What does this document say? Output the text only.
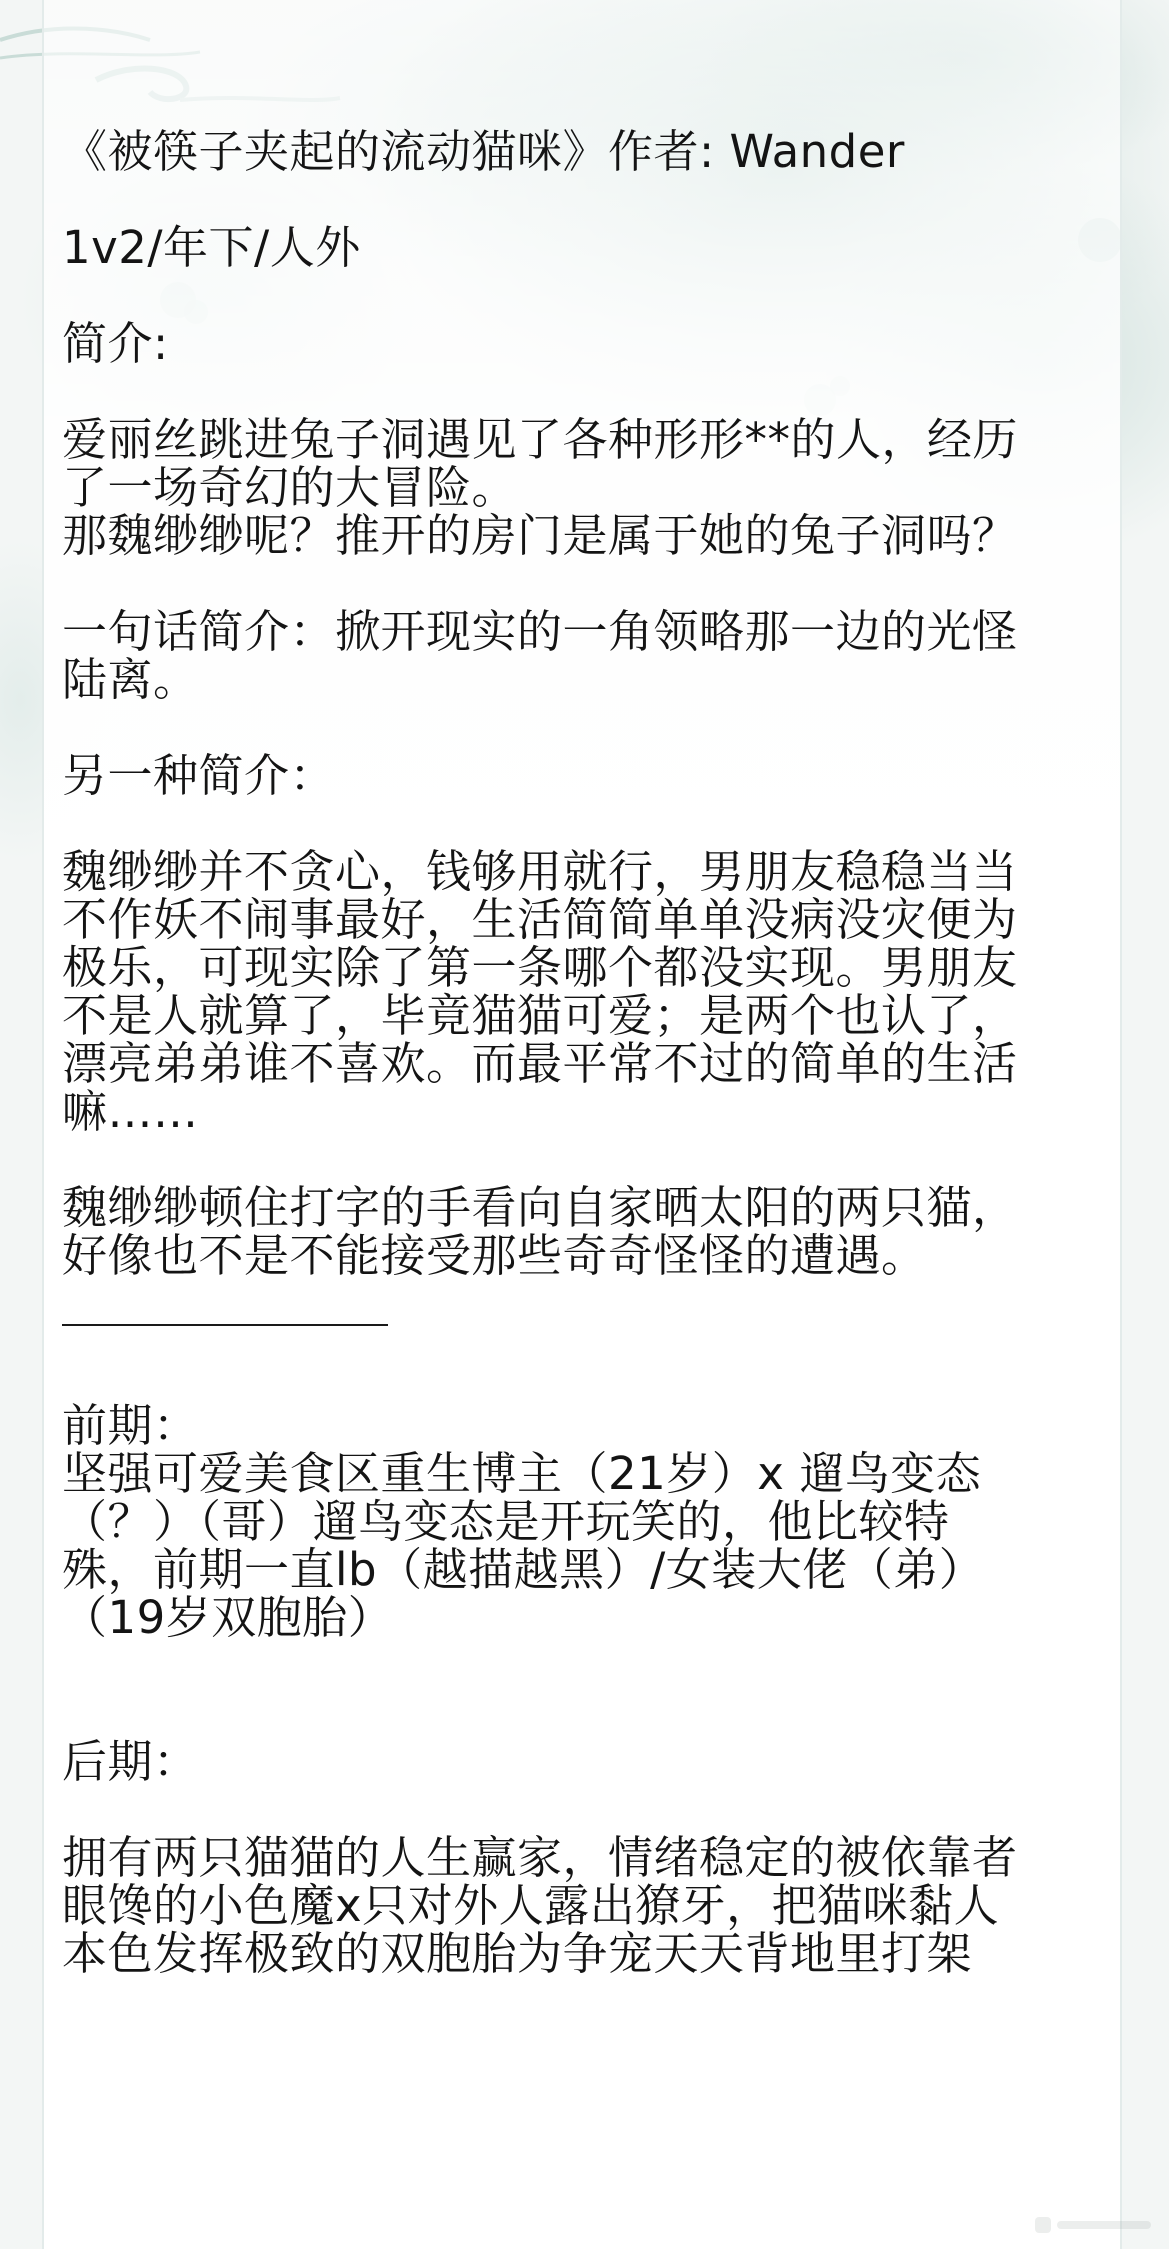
《被筷子夹起的流动猫咪》作者: Wander

1v2/年下/人外

简介:

爱丽丝跳进兔子洞遇见了各种形形**的人，经历
了一场奇幻的大冒险。
那魏缈缈呢？推开的房门是属于她的兔子洞吗？

一句话简介：掀开现实的一角领略那一边的光怪
陆离。

另一种简介：

魏缈缈并不贪心，钱够用就行，男朋友稳稳当当
不作妖不闹事最好，生活简简单单没病没灾便为
极乐，可现实除了第一条哪个都没实现。男朋友
不是人就算了，毕竟猫猫可爱；是两个也认了，
漂亮弟弟谁不喜欢。而最平常不过的简单的生活
嘛……

魏缈缈顿住打字的手看向自家晒太阳的两只猫，
好像也不是不能接受那些奇奇怪怪的遭遇。

前期：
坚强可爱美食区重生博主（21岁）x 遛鸟变态
（？）（哥）遛鸟变态是开玩笑的，他比较特
殊，前期一直lb（越描越黑）/女装大佬（弟）
（19岁双胞胎）

后期：

拥有两只猫猫的人生赢家，情绪稳定的被依靠者
眼馋的小色魔x只对外人露出獠牙，把猫咪黏人
本色发挥极致的双胞胎为争宠天天背地里打架
